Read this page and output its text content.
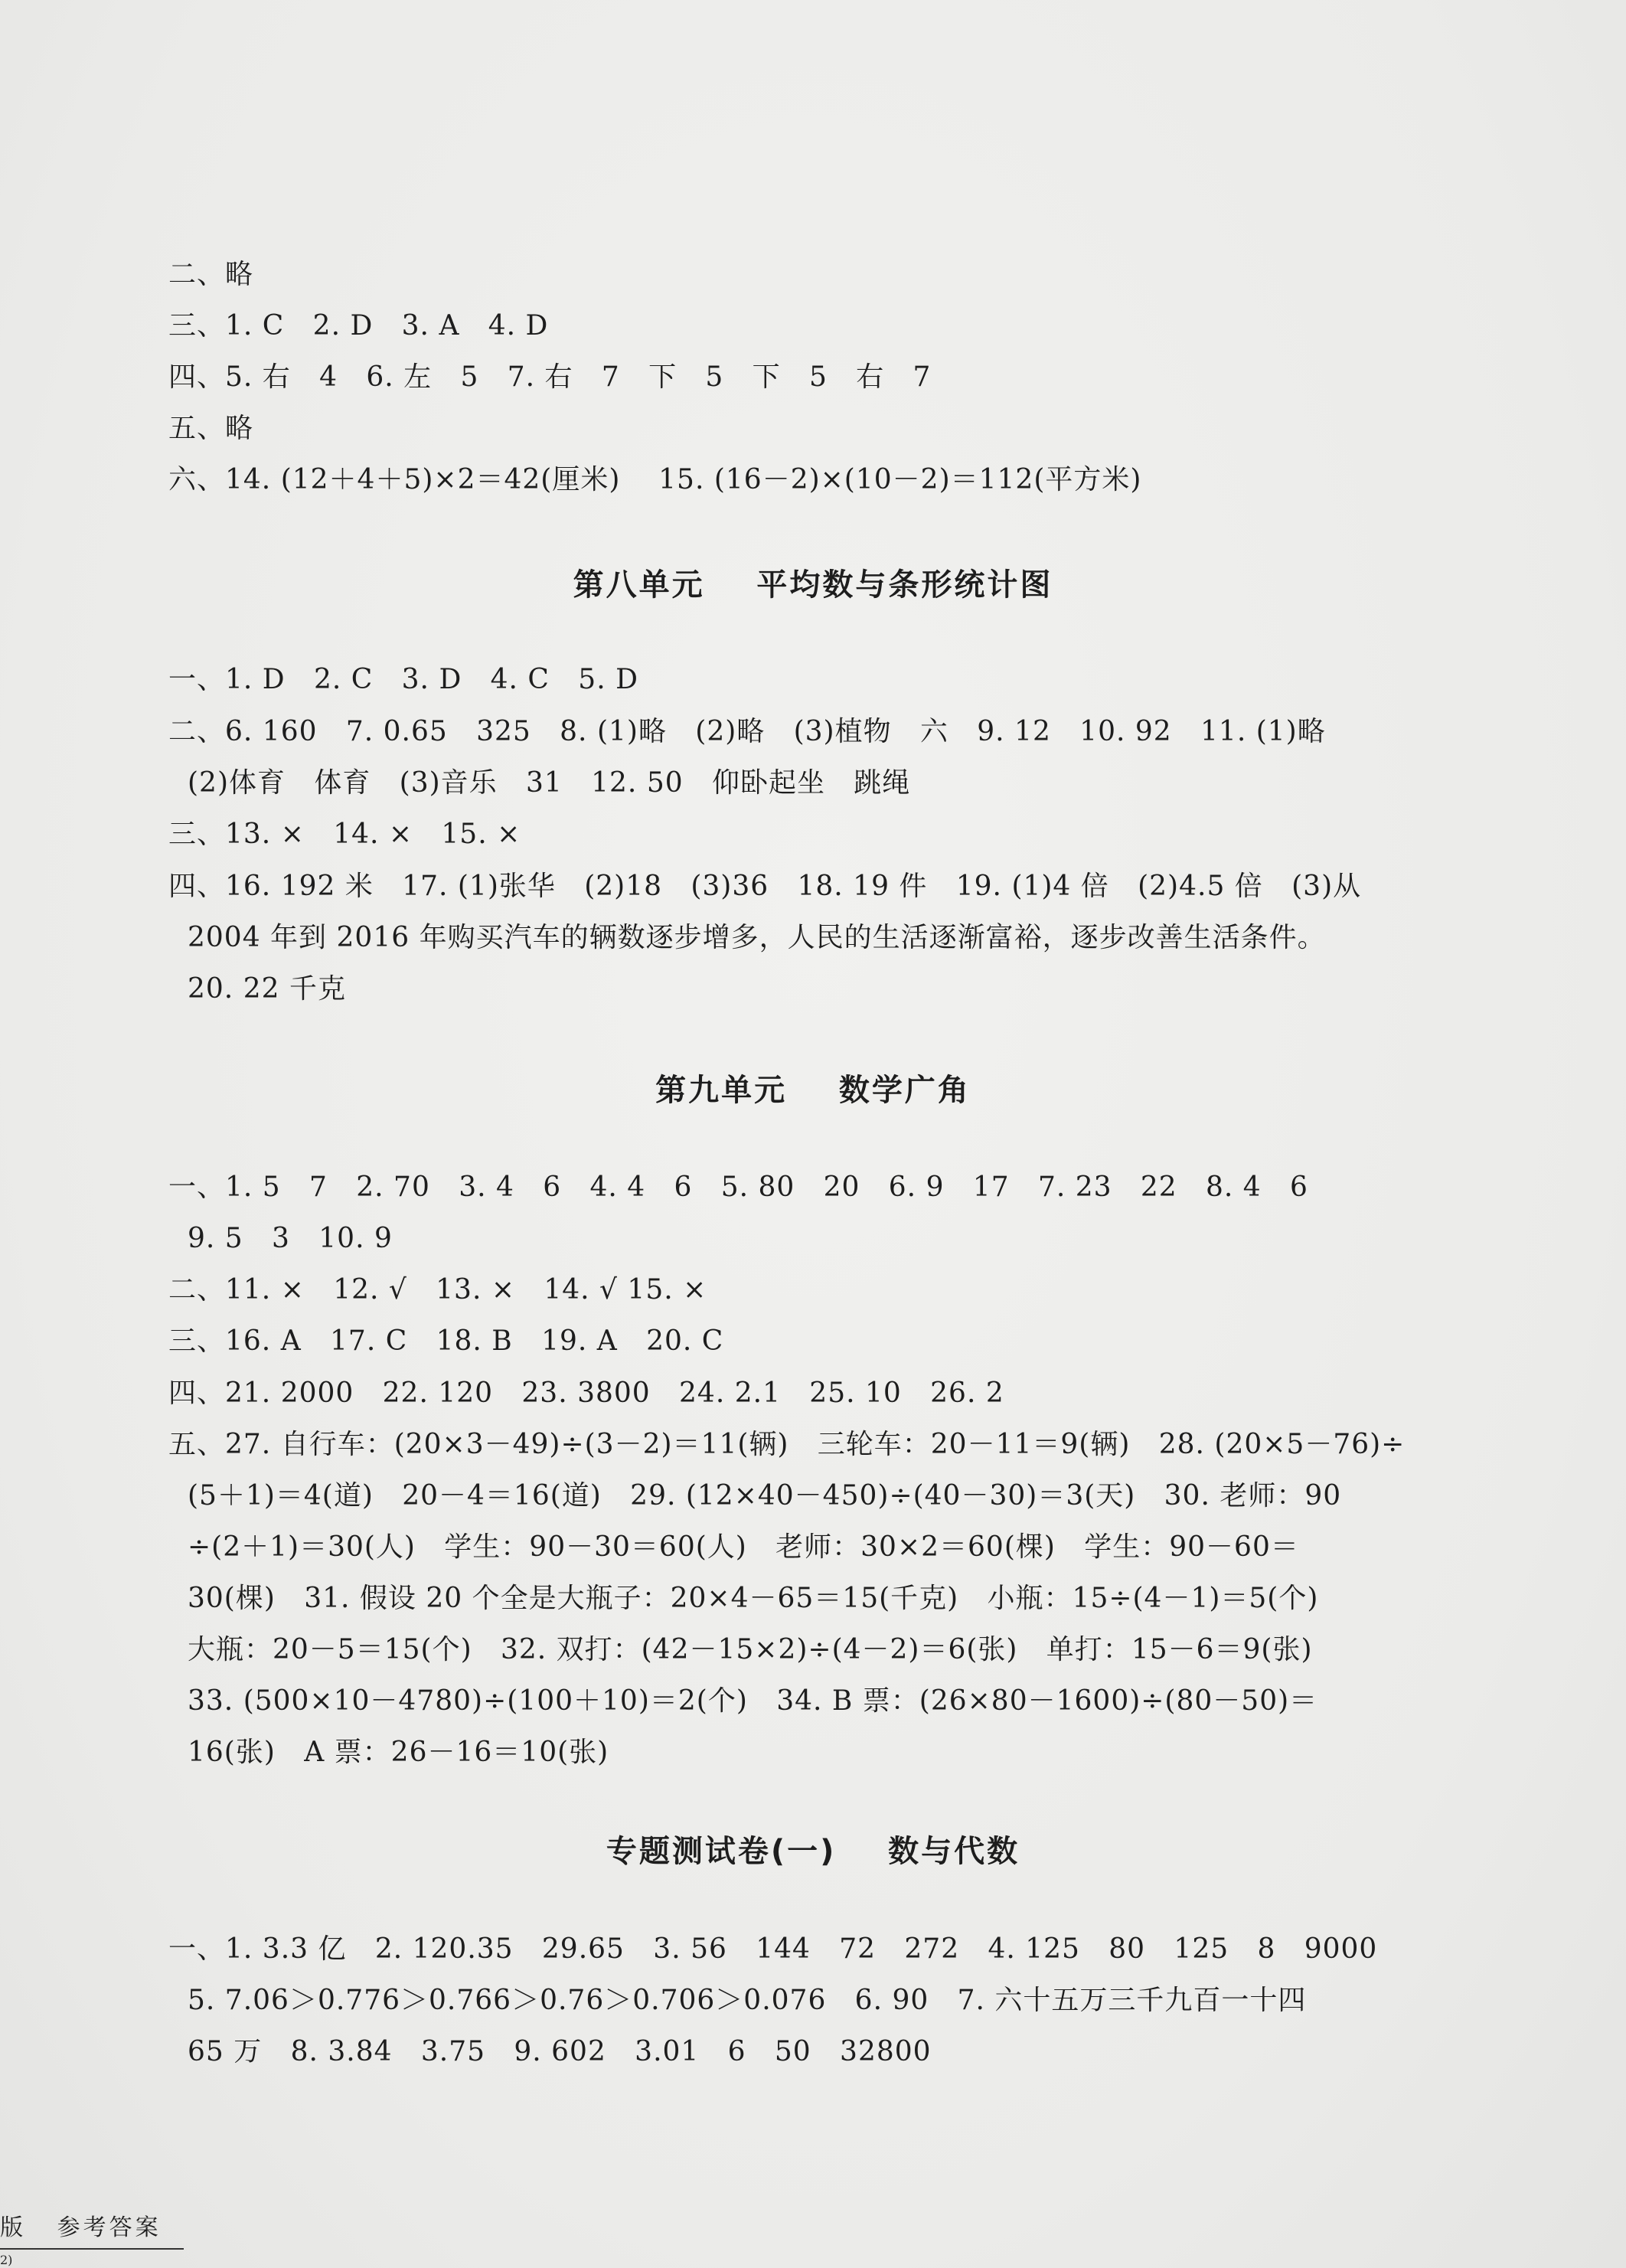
二、略
三、1. C   2. D   3. A   4. D
四、5. 右   4   6. 左   5   7. 右   7   下   5   下   5   右   7
五、略
六、14. (12＋4＋5)×2＝42(厘米)    15. (16－2)×(10－2)＝112(平方米)
第八单元    平均数与条形统计图
一、1. D   2. C   3. D   4. C   5. D
二、6. 160   7. 0.65   325   8. (1)略   (2)略   (3)植物   六   9. 12   10. 92   11. (1)略
(2)体育   体育   (3)音乐   31   12. 50   仰卧起坐   跳绳
三、13. ×   14. ×   15. ×
四、16. 192 米   17. (1)张华   (2)18   (3)36   18. 19 件   19. (1)4 倍   (2)4.5 倍   (3)从
2004 年到 2016 年购买汽车的辆数逐步增多，人民的生活逐渐富裕，逐步改善生活条件。
20. 22 千克
第九单元    数学广角
一、1. 5   7   2. 70   3. 4   6   4. 4   6   5. 80   20   6. 9   17   7. 23   22   8. 4   6
9. 5   3   10. 9
二、11. ×   12. √   13. ×   14. √ 15. ×
三、16. A   17. C   18. B   19. A   20. C
四、21. 2000   22. 120   23. 3800   24. 2.1   25. 10   26. 2
五、27. 自行车：(20×3－49)÷(3－2)＝11(辆)   三轮车：20－11＝9(辆)   28. (20×5－76)÷
(5＋1)＝4(道)   20－4＝16(道)   29. (12×40－450)÷(40－30)＝3(天)   30. 老师：90
÷(2＋1)＝30(人)   学生：90－30＝60(人)   老师：30×2＝60(棵)   学生：90－60＝
30(棵)   31. 假设 20 个全是大瓶子：20×4－65＝15(千克)   小瓶：15÷(4－1)＝5(个)
大瓶：20－5＝15(个)   32. 双打：(42－15×2)÷(4－2)＝6(张)   单打：15－6＝9(张)
33. (500×10－4780)÷(100＋10)＝2(个)   34. B 票：(26×80－1600)÷(80－50)＝
16(张)   A 票：26－16＝10(张)
专题测试卷(一)    数与代数
一、1. 3.3 亿   2. 120.35   29.65   3. 56   144   72   272   4. 125   80   125   8   9000
5. 7.06＞0.776＞0.766＞0.76＞0.706＞0.076   6. 90   7. 六十五万三千九百一十四
65 万   8. 3.84   3.75   9. 602   3.01   6   50   32800
版   参考答案
2)
